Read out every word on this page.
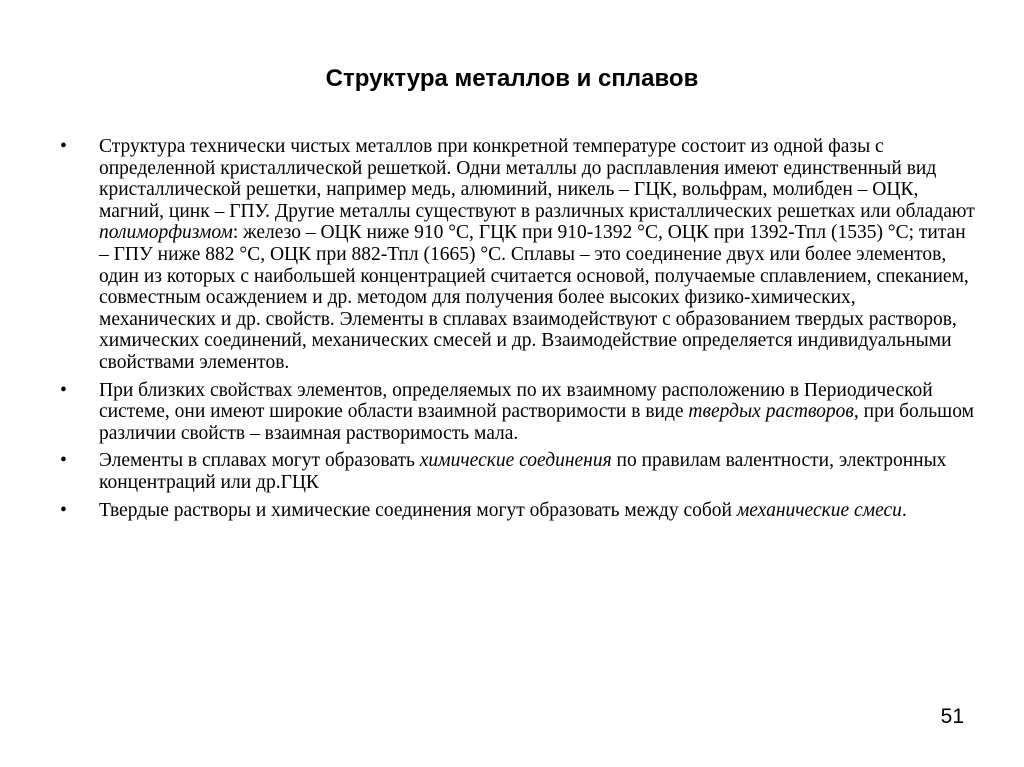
Структура металлов и сплавов
• Структура технически чистых металлов при конкретной температуре состоит из одной фазы с определенной кристаллической решеткой. Одни металлы до расплавления имеют единственный вид кристаллической решетки, например медь, алюминий, никель – ГЦК, вольфрам, молибден – ОЦК, магний, цинк – ГПУ. Другие металлы существуют в различных кристаллических решетках или обладают полиморфизмом: железо – ОЦК ниже 910 °С, ГЦК при 910-1392 °С, ОЦК при 1392-Тпл (1535) °С; титан – ГПУ ниже 882 °С, ОЦК при 882-Тпл (1665) °С. Сплавы – это соединение двух или более элементов, один из которых с наибольшей концентрацией считается основой, получаемые сплавлением, спеканием, совместным осаждением и др. методом для получения более высоких физико-химических, механических и др. свойств. Элементы в сплавах взаимодействуют с образованием твердых растворов, химических соединений, механических смесей и др. Взаимодействие определяется индивидуальными свойствами элементов.
• При близких свойствах элементов, определяемых по их взаимному расположению в Периодической системе, они имеют широкие области взаимной растворимости в виде твердых растворов, при большом различии свойств – взаимная растворимость мала.
• Элементы в сплавах могут образовать химические соединения по правилам валентности, электронных концентраций или др.ГЦК
• Твердые растворы и химические соединения могут образовать между собой механические смеси.
51
